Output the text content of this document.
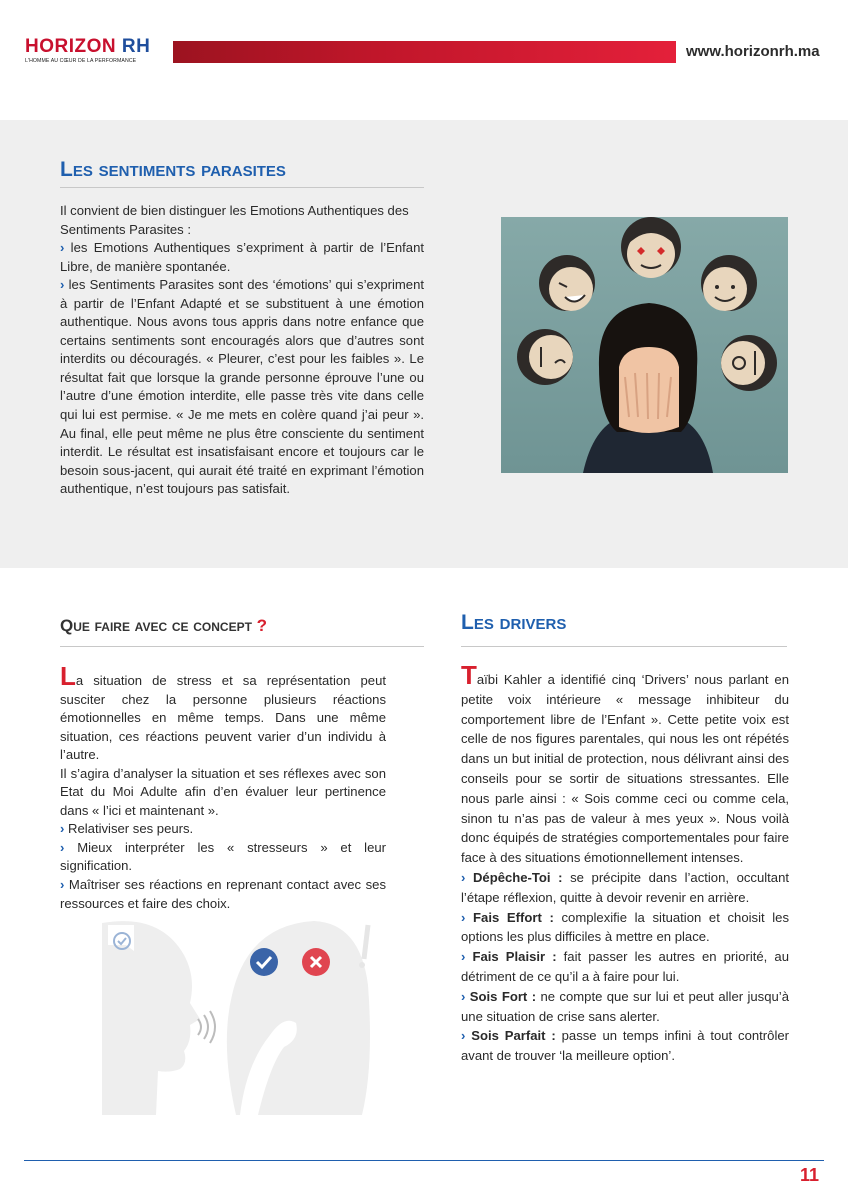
HORIZON RH
L'HOMME AU CŒUR DE LA PERFORMANCE
www.horizonrh.ma
Les sentiments parasites
Il convient de bien distinguer les Emotions Authentiques des Sentiments Parasites :
› les Emotions Authentiques s’expriment à partir de l’Enfant Libre, de manière spontanée.
› les Sentiments Parasites sont des ‘émotions’ qui s’expriment à partir de l’Enfant Adapté et se substituent à une émotion authentique. Nous avons tous appris dans notre enfance que certains sentiments sont encouragés alors que d’autres sont interdits ou découragés. « Pleurer, c’est pour les faibles ». Le résultat fait que lorsque la grande personne éprouve l’une ou l’autre d’une émotion interdite, elle passe très vite dans celle qui lui est permise. « Je me mets en colère quand j’ai peur ». Au final, elle peut même ne plus être consciente du sentiment interdit. Le résultat est insatisfaisant encore et toujours car le besoin sous-jacent, qui aurait été traité en exprimant l’émotion authentique, n’est toujours pas satisfait.
Que faire avec ce concept ?
La situation de stress et sa représentation peut susciter chez la personne plusieurs réactions émotionnelles en même temps. Dans une même situation, ces réactions peuvent varier d’un individu à l’autre.
Il s’agira d’analyser la situation et ses réflexes avec son Etat du Moi Adulte afin d’en évaluer leur pertinence dans « l’ici et maintenant ».
› Relativiser ses peurs.
› Mieux interpréter les « stresseurs » et leur signification.
› Maîtriser ses réactions en reprenant contact avec ses ressources et faire des choix.
Les drivers
Taïbi Kahler a identifié cinq ‘Drivers’ nous parlant en petite voix intérieure « message inhibiteur du comportement libre de l’Enfant ». Cette petite voix est celle de nos figures parentales, qui nous les ont répétés dans un but initial de protection, nous délivrant ainsi des conseils pour se sortir de situations stressantes. Elle nous parle ainsi : « Sois comme ceci ou comme cela, sinon tu n’as pas de valeur à mes yeux ». Nous voilà donc équipés de stratégies comportementales pour faire face à des situations émotionnellement intenses.
› Dépêche-Toi : se précipite dans l’action, occultant l’étape réflexion, quitte à devoir revenir en arrière.
› Fais Effort : complexifie la situation et choisit les options les plus difficiles à mettre en place.
› Fais Plaisir : fait passer les autres en priorité, au détriment de ce qu’il a à faire pour lui.
› Sois Fort : ne compte que sur lui et peut aller jusqu’à une situation de crise sans alerter.
› Sois Parfait : passe un temps infini à tout contrôler avant de trouver ‘la meilleure option’.
11
